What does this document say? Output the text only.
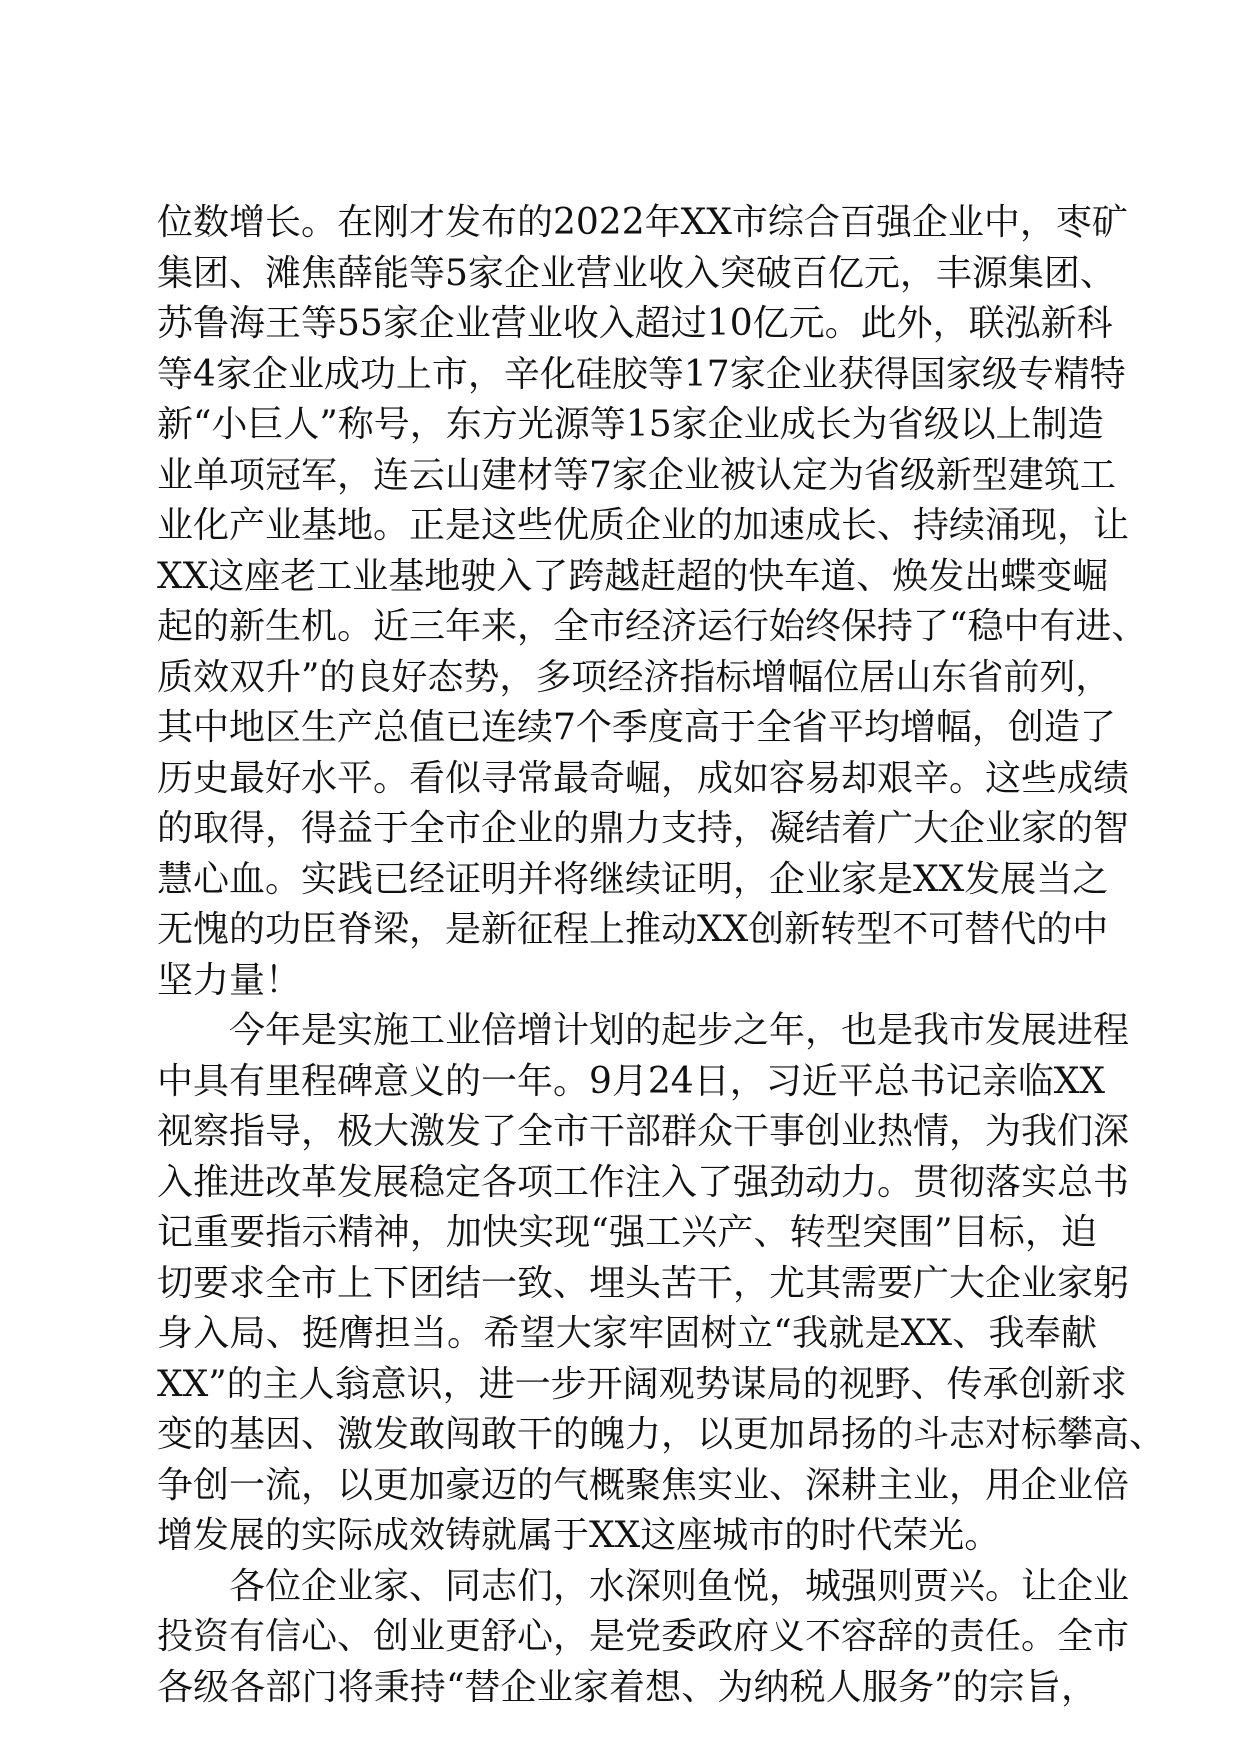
位数增长。在刚才发布的2022年XX市综合百强企业中，枣矿
集团、滩焦薛能等5家企业营业收入突破百亿元，丰源集团、
苏鲁海王等55家企业营业收入超过10亿元。此外，联泓新科
等4家企业成功上市，辛化硅胶等17家企业获得国家级专精特
新“小巨人”称号，东方光源等15家企业成长为省级以上制造
业单项冠军，连云山建材等7家企业被认定为省级新型建筑工
业化产业基地。正是这些优质企业的加速成长、持续涌现，让
XX这座老工业基地驶入了跨越赶超的快车道、焕发出蝶变崛
起的新生机。近三年来，全市经济运行始终保持了“稳中有进、
质效双升”的良好态势，多项经济指标增幅位居山东省前列，
其中地区生产总值已连续7个季度高于全省平均增幅，创造了
历史最好水平。看似寻常最奇崛，成如容易却艰辛。这些成绩
的取得，得益于全市企业的鼎力支持，凝结着广大企业家的智
慧心血。实践已经证明并将继续证明，企业家是XX发展当之
无愧的功臣脊梁，是新征程上推动XX创新转型不可替代的中
坚力量！
今年是实施工业倍增计划的起步之年，也是我市发展进程
中具有里程碑意义的一年。9月24日，习近平总书记亲临XX
视察指导，极大激发了全市干部群众干事创业热情，为我们深
入推进改革发展稳定各项工作注入了强劲动力。贯彻落实总书
记重要指示精神，加快实现“强工兴产、转型突围”目标，迫
切要求全市上下团结一致、埋头苦干，尤其需要广大企业家躬
身入局、挺膺担当。希望大家牢固树立“我就是XX、我奉献
XX”的主人翁意识，进一步开阔观势谋局的视野、传承创新求
变的基因、激发敢闯敢干的魄力，以更加昂扬的斗志对标攀高、
争创一流，以更加豪迈的气概聚焦实业、深耕主业，用企业倍
增发展的实际成效铸就属于XX这座城市的时代荣光。
各位企业家、同志们，水深则鱼悦，城强则贾兴。让企业
投资有信心、创业更舒心，是党委政府义不容辞的责任。全市
各级各部门将秉持“替企业家着想、为纳税人服务”的宗旨，
